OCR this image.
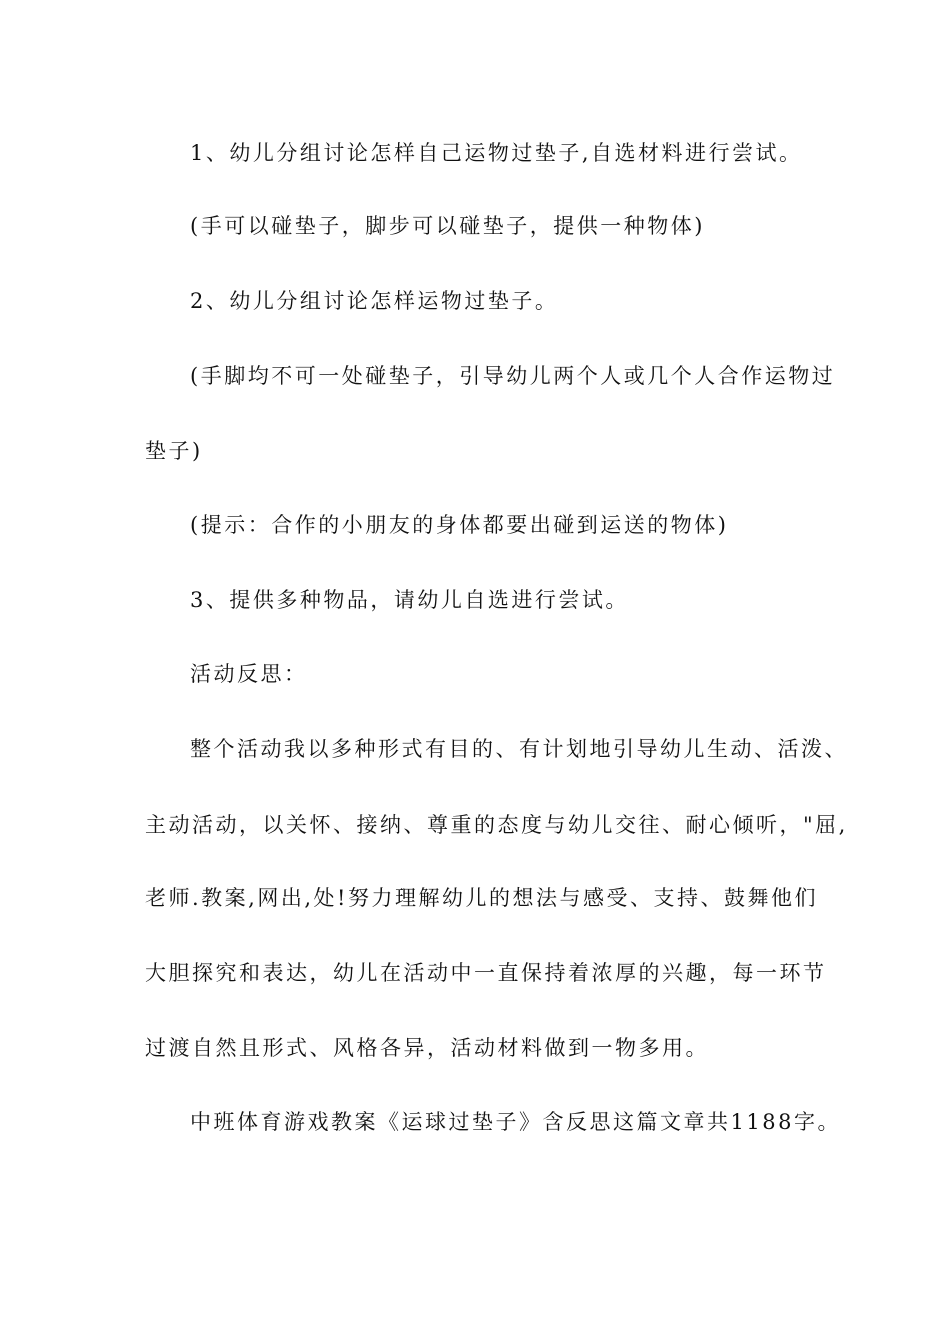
1、幼儿分组讨论怎样自己运物过垫子,自选材料进行尝试。
(手可以碰垫子，脚步可以碰垫子，提供一种物体)
2、幼儿分组讨论怎样运物过垫子。
(手脚均不可一处碰垫子，引导幼儿两个人或几个人合作运物过
垫子)
(提示：合作的小朋友的身体都要出碰到运送的物体)
3、提供多种物品，请幼儿自选进行尝试。
活动反思：
整个活动我以多种形式有目的、有计划地引导幼儿生动、活泼、
主动活动，以关怀、接纳、尊重的态度与幼儿交往、耐心倾听，"屈,
老师.教案,网出,处!努力理解幼儿的想法与感受、支持、鼓舞他们
大胆探究和表达，幼儿在活动中一直保持着浓厚的兴趣，每一环节
过渡自然且形式、风格各异，活动材料做到一物多用。
中班体育游戏教案《运球过垫子》含反思这篇文章共1188字。
